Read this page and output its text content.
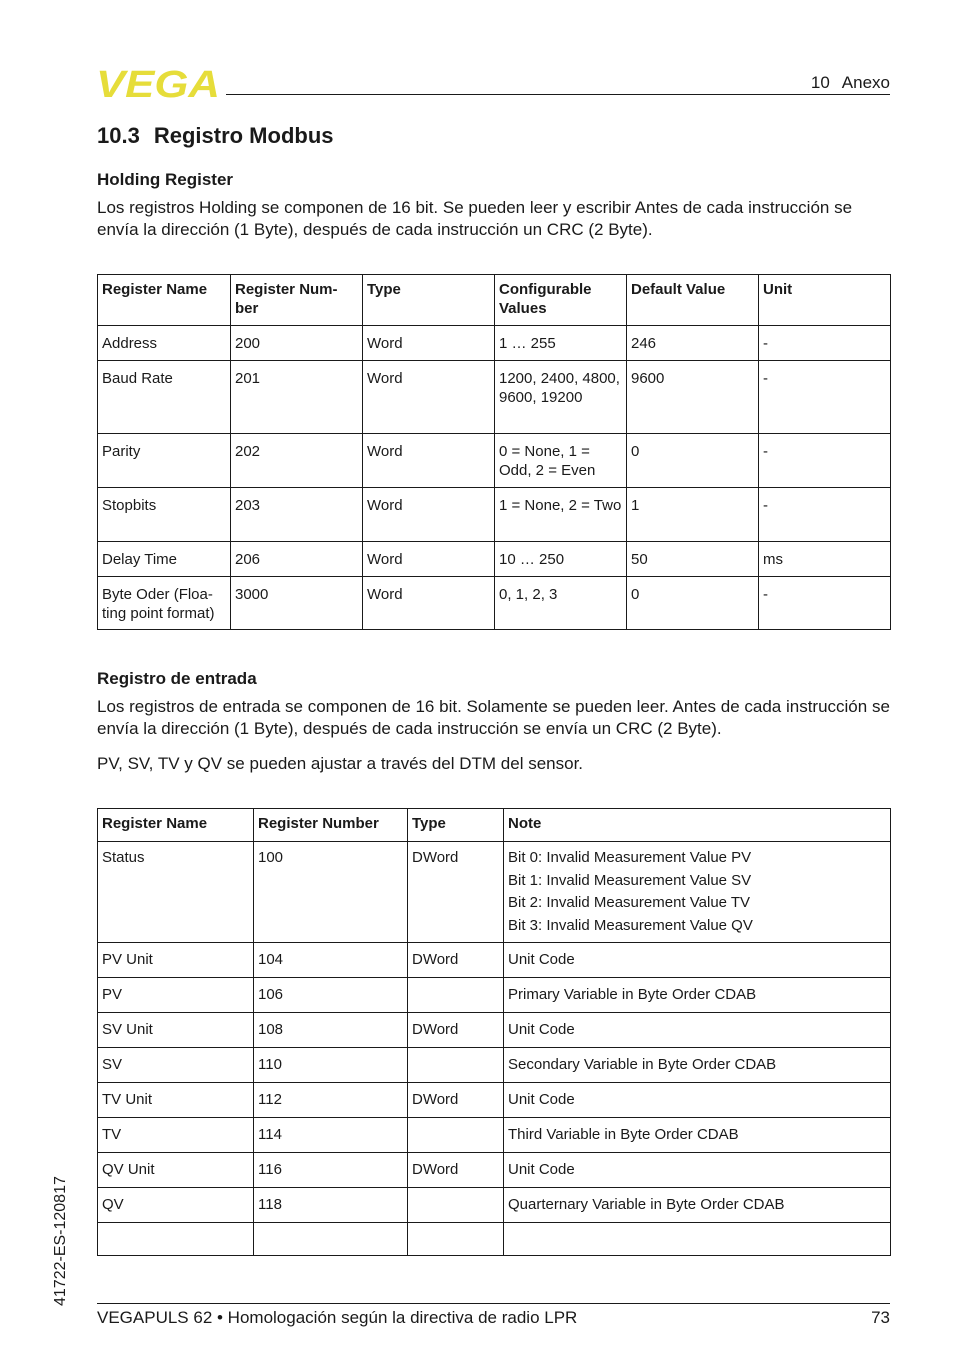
VEGA	10 Anexo
10.3 Registro Modbus
Holding Register

Los registros Holding se componen de 16 bit. Se pueden leer y escribir Antes de cada instrucción se envía la dirección (1 Byte), después de cada instrucción un CRC (2 Byte).

Register Name	Register Num-ber	Type	Configurable Values	Default Value	Unit
Address	200	Word	1 … 255	246	-
Baud Rate	201	Word	1200, 2400, 4800, 9600, 19200	9600	-
Parity	202	Word	0 = None, 1 = Odd, 2 = Even	0	-
Stopbits	203	Word	1 = None, 2 = Two	1	-
Delay Time	206	Word	10 … 250	50	ms
Byte Oder (Floa-ting point format)	3000	Word	0, 1, 2, 3	0	-
Registro de entrada

Los registros de entrada se componen de 16 bit. Solamente se pueden leer. Antes de cada instrucción se envía la dirección (1 Byte), después de cada instrucción se envía un CRC (2 Byte).

PV, SV, TV y QV se pueden ajustar a través del DTM del sensor.

Register Name	Register Number	Type	Note
Status	100	DWord	Bit 0: Invalid Measurement Value PV
Bit 1: Invalid Measurement Value SV
Bit 2: Invalid Measurement Value TV
Bit 3: Invalid Measurement Value QV

PV Unit	104	DWord	Unit Code
PV	106		Primary Variable in Byte Order CDAB
SV Unit	108	DWord	Unit Code
SV	110		Secondary Variable in Byte Order CDAB
TV Unit	112	DWord	Unit Code
TV	114		Third Variable in Byte Order CDAB
QV Unit	116	DWord	Unit Code
QV	118		Quarternary Variable in Byte Order CDAB

41722-ES-120817
VEGAPULS 62 • Homologación según la directiva de radio LPR	73
